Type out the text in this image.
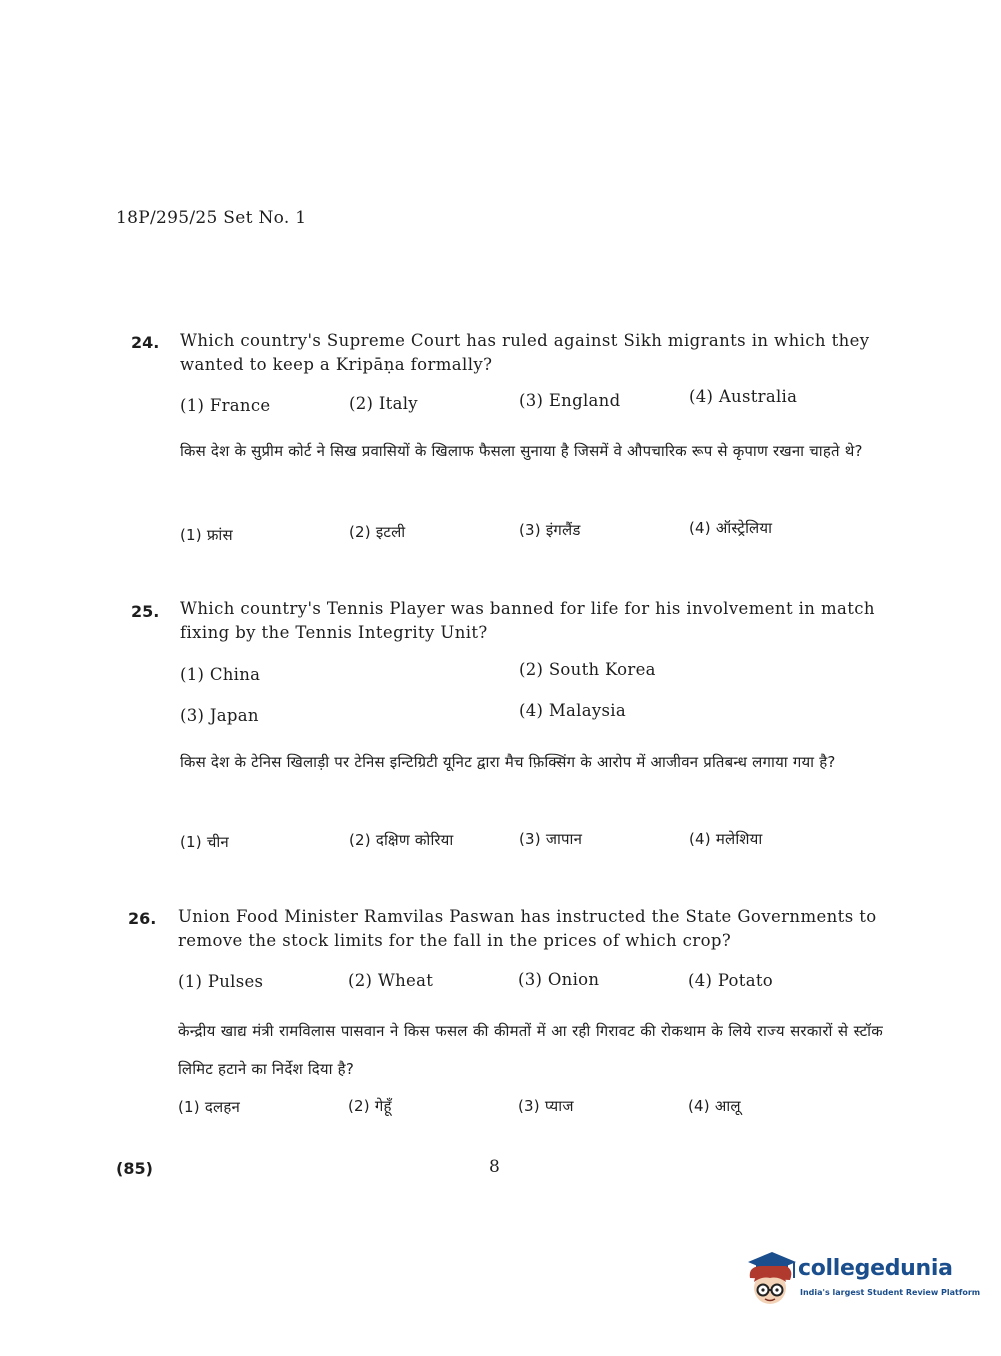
18P/295/25 Set No. 1
24. Which country's Supreme Court has ruled against Sikh migrants in which they
wanted to keep a Kripāṇa formally?
(1) France	(2) Italy	(3) England	(4) Australia
किस देश के सुप्रीम कोर्ट ने सिख प्रवासियों के खिलाफ फैसला सुनाया है जिसमें वे औपचारिक रूप से कृपाण रखना चाहते थे?
(1) फ्रांस	(2) इटली	(3) इंगलैंड	(4) ऑस्ट्रेलिया
25. Which country's Tennis Player was banned for life for his involvement in match
fixing by the Tennis Integrity Unit?
(1) China	(2) South Korea
(3) Japan	(4) Malaysia
किस देश के टेनिस खिलाड़ी पर टेनिस इन्टिग्रिटी यूनिट द्वारा मैच फ़िक्सिंग के आरोप में आजीवन प्रतिबन्ध लगाया गया है?
(1) चीन	(2) दक्षिण कोरिया	(3) जापान	(4) मलेशिया
26. Union Food Minister Ramvilas Paswan has instructed the State Governments to
remove the stock limits for the fall in the prices of which crop?
(1) Pulses	(2) Wheat	(3) Onion	(4) Potato
केन्द्रीय खाद्य मंत्री रामविलास पासवान ने किस फसल की कीमतों में आ रही गिरावट की रोकथाम के लिये राज्य सरकारों से स्टॉक लिमिट हटाने का निर्देश दिया है?
(1) दलहन	(2) गेहूँ	(3) प्याज	(4) आलू
(85)	8
collegedunia
India's largest Student Review Platform
